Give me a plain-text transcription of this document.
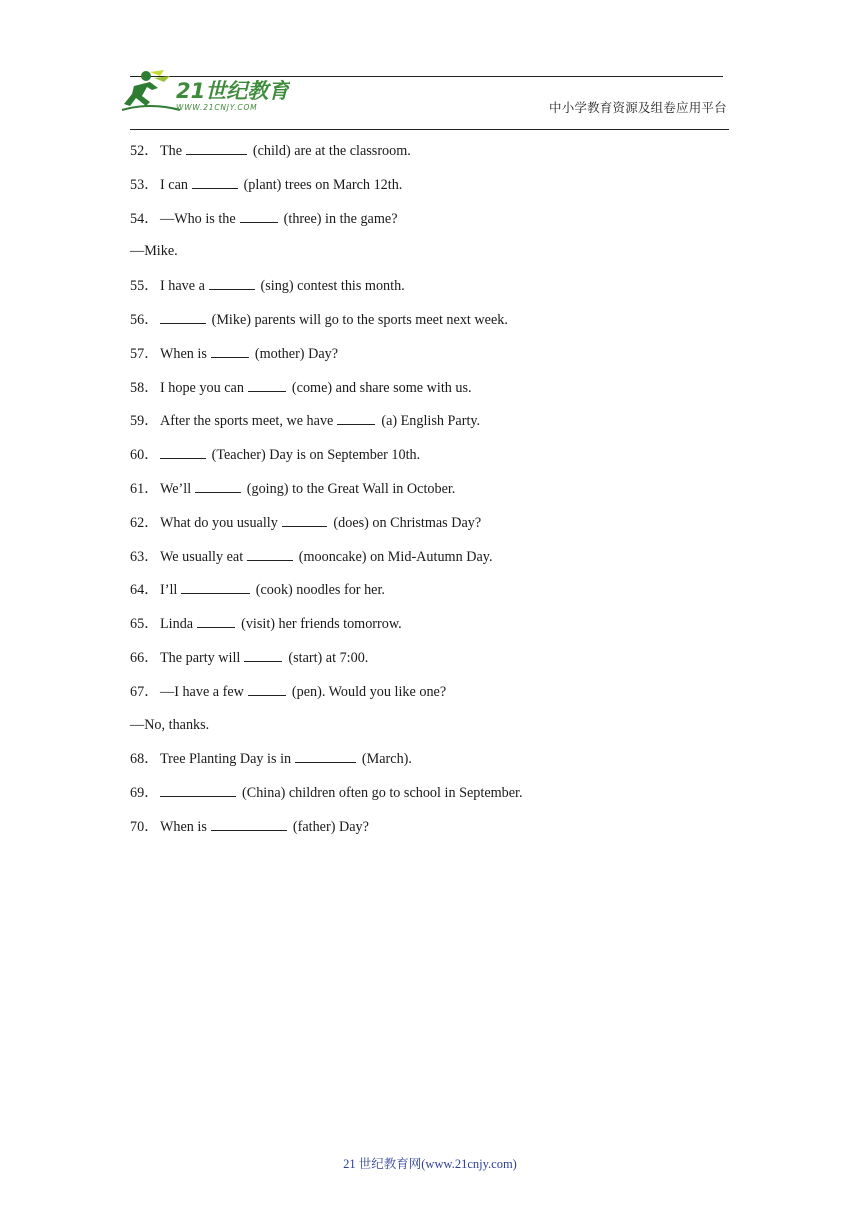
21世纪教育
WWW.21CNJY.COM	中小学教育资源及组卷应用平台
52． The	(child) are at the classroom.
53． I can	(plant) trees on March 12th.
54． —Who is the	(three) in the game?
—Mike.
55． I have a	(sing) contest this month.
56．	(Mike) parents will go to the sports meet next week.
57． When is	(mother) Day?
58． I hope you can	(come) and share some with us.
59． After the sports meet, we have	(a) English Party.
60．	(Teacher) Day is on September 10th.
61． We’ll	(going) to the Great Wall in October.
62． What do you usually	(does) on Christmas Day?
63． We usually eat	(mooncake) on Mid-Autumn Day.
64． I’ll	(cook) noodles for her.
65． Linda	(visit) her friends tomorrow.
66． The party will	(start) at 7:00.
67． —I have a few	(pen). Would you like one?
—No, thanks.
68． Tree Planting Day is in	(March).
69．	(China) children often go to school in September.
70． When is	(father) Day?
21 世纪教育网(www.21cnjy.com)
